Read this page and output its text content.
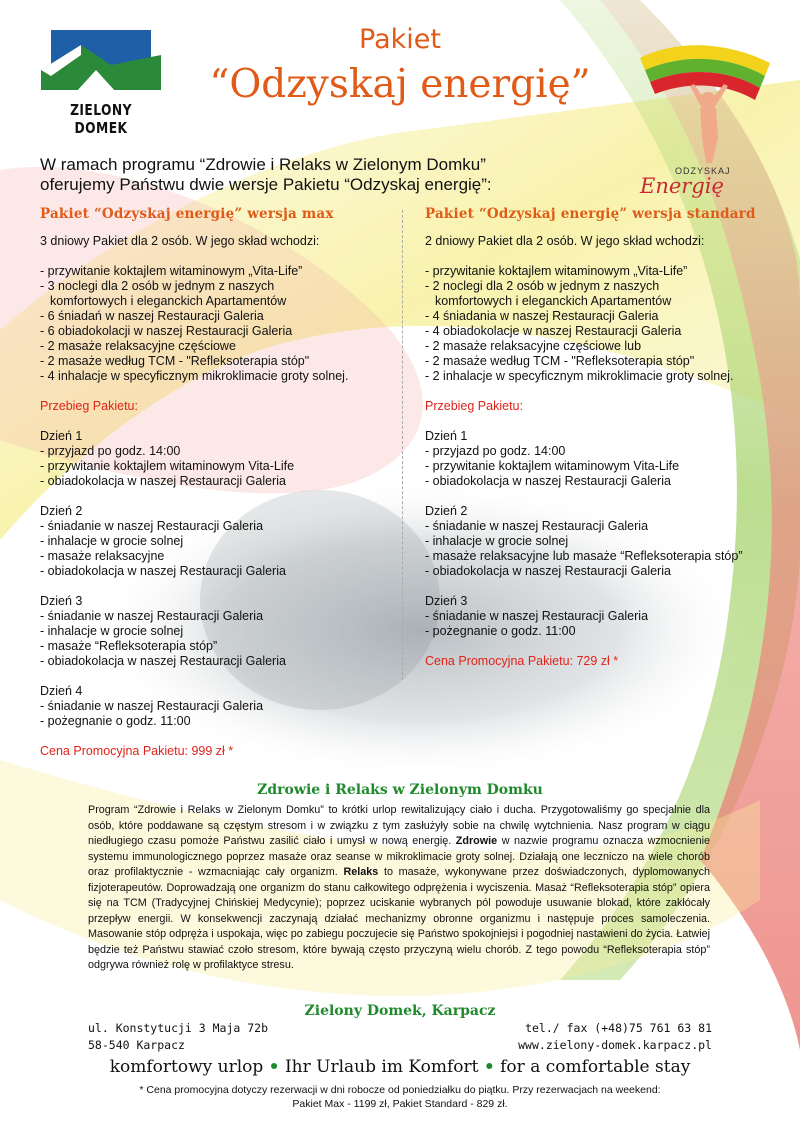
ZIELONY DOMEK
Pakiet
“Odzyskaj energię”
ODZYSKAJ
Energię
W ramach programu “Zdrowie i Relaks w Zielonym Domku”
oferujemy Państwu dwie wersje Pakietu “Odzyskaj energię”:
Pakiet “Odzyskaj energię” wersja max
3 dniowy Pakiet dla 2 osób. W jego skład wchodzi:
- przywitanie koktajlem witaminowym „Vita-Life”
- 3 noclegi dla 2 osób w jednym z naszych
komfortowych i eleganckich Apartamentów
- 6 śniadań w naszej Restauracji Galeria
- 6 obiadokolacji w naszej Restauracji Galeria
- 2 masaże relaksacyjne częściowe
- 2 masaże według TCM - "Refleksoterapia stóp"
- 4 inhalacje w specyficznym mikroklimacie groty solnej.
Przebieg Pakietu:
Dzień 1
- przyjazd po godz. 14:00
- przywitanie koktajlem witaminowym Vita-Life
- obiadokolacja w naszej Restauracji Galeria
Dzień 2
- śniadanie w naszej Restauracji Galeria
- inhalacje w grocie solnej
- masaże relaksacyjne
- obiadokolacja w naszej Restauracji Galeria
Dzień 3
- śniadanie w naszej Restauracji Galeria
- inhalacje w grocie solnej
- masaże “Refleksoterapia stóp”
- obiadokolacja w naszej Restauracji Galeria
Dzień 4
- śniadanie w naszej Restauracji Galeria
- pożegnanie o godz. 11:00
Cena Promocyjna Pakietu: 999 zł *
Pakiet “Odzyskaj energię” wersja standard
2 dniowy Pakiet dla 2 osób. W jego skład wchodzi:
- przywitanie koktajlem witaminowym „Vita-Life”
- 2 noclegi dla 2 osób w jednym z naszych
komfortowych i eleganckich Apartamentów
- 4 śniadania w naszej Restauracji Galeria
- 4 obiadokolacje w naszej Restauracji Galeria
- 2 masaże relaksacyjne częściowe lub
- 2 masaże według TCM - "Refleksoterapia stóp"
- 2 inhalacje w specyficznym mikroklimacie groty solnej.
Przebieg Pakietu:
Dzień 1
- przyjazd po godz. 14:00
- przywitanie koktajlem witaminowym Vita-Life
- obiadokolacja w naszej Restauracji Galeria
Dzień 2
- śniadanie w naszej Restauracji Galeria
- inhalacje w grocie solnej
- masaże relaksacyjne lub masaże “Refleksoterapia stóp”
- obiadokolacja w naszej Restauracji Galeria
Dzień 3
- śniadanie w naszej Restauracji Galeria
- pożegnanie o godz. 11:00
Cena Promocyjna Pakietu: 729 zł *
Zdrowie i Relaks w Zielonym Domku
Program “Zdrowie i Relaks w Zielonym Domku” to krótki urlop rewitalizujący ciało i ducha. Przygotowaliśmy go specjalnie dla osób, które poddawane są częstym stresom i w związku z tym zasłużyły sobie na chwilę wytchnienia. Nasz program w ciągu niedługiego czasu pomoże Państwu zasilić ciało i umysł w nową energię. Zdrowie w nazwie programu oznacza wzmocnienie systemu immunologicznego poprzez masaże oraz seanse w mikroklimacie groty solnej. Działają one leczniczo na wiele chorób oraz profilaktycznie - wzmacniając cały organizm. Relaks to masaże, wykonywane przez doświadczonych, dyplomowanych fizjoterapeutów. Doprowadzają one organizm do stanu całkowitego odprężenia i wyciszenia. Masaż “Refleksoterapia stóp” opiera się na TCM (Tradycyjnej Chińskiej Medycynie); poprzez uciskanie wybranych pól powoduje usuwanie blokad, które zakłócały przepływ energii. W konsekwencji zaczynają działać mechanizmy obronne organizmu i następuje proces samoleczenia. Masowanie stóp odpręża i uspokaja, więc po zabiegu poczujecie się Państwo spokojniejsi i pogodniej nastawieni do życia. Łatwiej będzie też Państwu stawiać czoło stresom, które bywają często przyczyną wielu chorób. Z tego powodu “Refleksoterapia stóp” odgrywa również rolę w profilaktyce stresu.
Zielony Domek, Karpacz
ul. Konstytucji 3 Maja 72b
58-540 Karpacz
tel./ fax (+48)75 761 63 81
www.zielony-domek.karpacz.pl
komfortowy urlop • Ihr Urlaub im Komfort • for a comfortable stay
* Cena promocyjna dotyczy rezerwacji w dni robocze od poniedziałku do piątku. Przy rezerwacjach na weekend:
Pakiet Max - 1199 zł, Pakiet Standard - 829 zł.
